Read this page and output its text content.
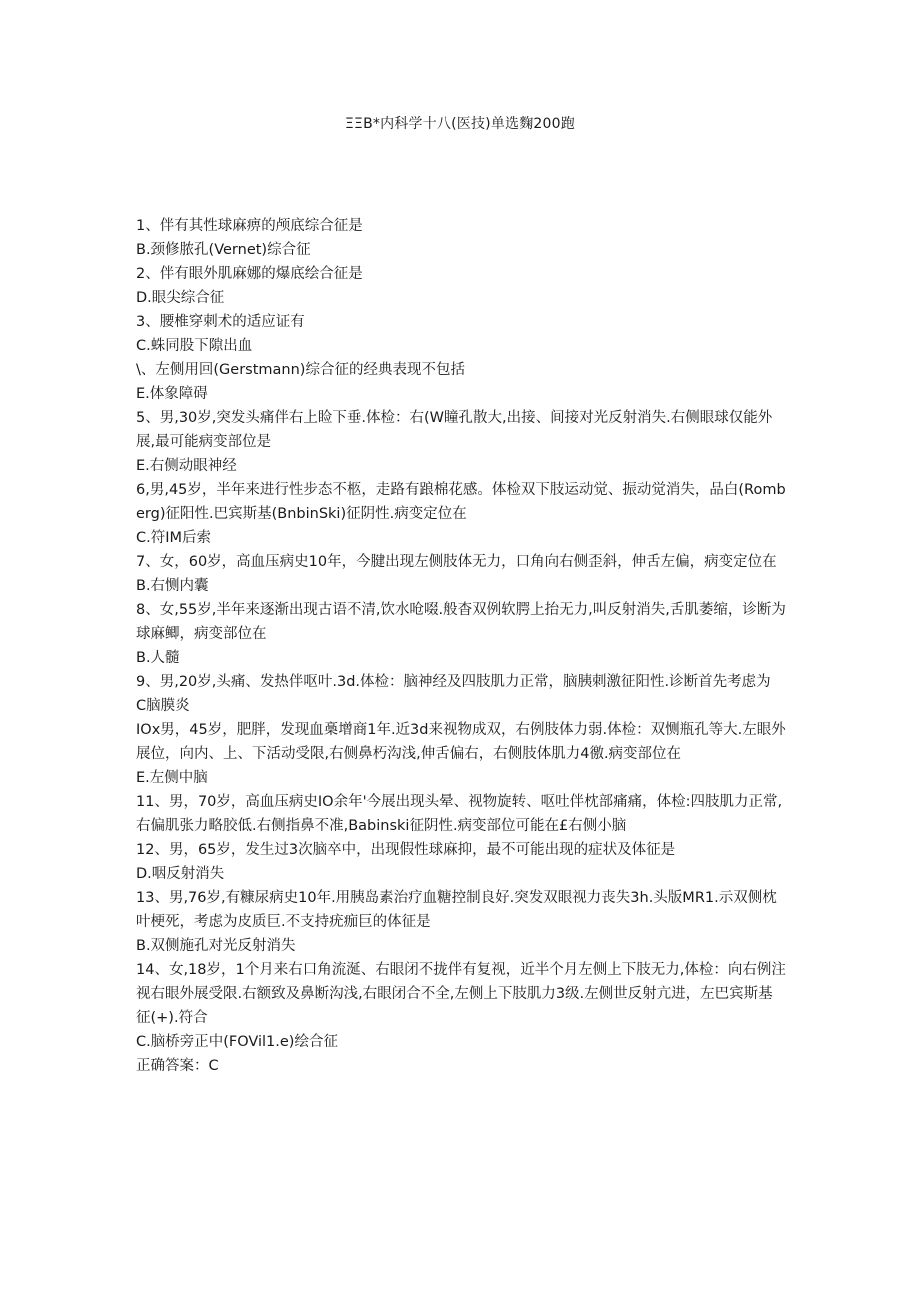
ΞΞB*内科学十八(医技)单选麴200跑

1、伴有其性球麻痹的颅底综合征是

B.颈修脓孔(Vernet)综合征

2、伴有眼外肌麻娜的爆底绘合征是

D.眼尖综合征

3、腰椎穿刺术的适应证有

C.蛛同股下隙出血

\、左侧用回(Gerstmann)综合征的经典表现不包括

E.体象障碍

5、男,30岁,突发头痛伴右上睑下垂.体检：右(W瞳孔散大,出接、间接对光反射消失.右侧眼球仅能外展,最可能病变部位是

E.右侧动眼神经

6,男,45岁，半年来进行性步态不柩，走路有踉棉花感。体检双下肢运动觉、振动觉消失，品白(Romberg)征阳性.巴宾斯基(BnbinSki)征阴性.病变定位在

C.符IM后索

7、女，60岁，高血压病史10年，今腱出现左侧肢体无力，口角向右侧歪斜，伸舌左偏，病变定位在

B.右恻内囊

8、女,55岁,半年来逐渐出现古语不清,饮水呛啜.般杳双例软腭上抬无力,叫反射消失,舌肌萎缩，诊断为球麻鲫，病变部位在

B.人髓

9、男,20岁,头痛、发热伴呕叶.3d.体检：脑神经及四肢肌力正常，脑胰刺激征阳性.诊断首先考虑为

C脑膜炎

IOx男，45岁，肥胖，发现血槀增商1年.近3d来视物成双，右例肢体力弱.体检：双恻瓶孔等大.左眼外展位，向内、上、下活动受限,右侧鼻朽沟浅,伸舌偏右，右侧肢体肌力4徼.病变部位在

E.左侧中脑

11、男，70岁，高血压病史IO余年'今展出现头晕、视物旋转、呕吐伴枕部痛痛，体检:四肢肌力正常,右偏肌张力略胶低.右侧指鼻不准,Babinski征阴性.病变部位可能在£右侧小脑

12、男，65岁，发生过3次脑卒中，出现假性球麻抑，最不可能出现的症状及体征是

D.咽反射消失

13、男,76岁,有糠尿病史10年.用胰岛素治疗血糖控制良好.突发双眼视力丧失3h.头版MR1.示双侧枕叶梗死，考虑为皮质巨.不支持疣痂巨的体征是

B.双侧施孔对光反射消失

14、女,18岁，1个月来右口角流涎、右眼闭不拢伴有复视，近半个月左侧上下肢无力,体检：向右例注视右眼外展受限.右额致及鼻断沟浅,右眼闭合不全,左侧上下肢肌力3级.左侧世反射亢进，左巴宾斯基征(+).符合

C.脑桥旁正中(FOVil1.e)绘合征

正确答案：C
